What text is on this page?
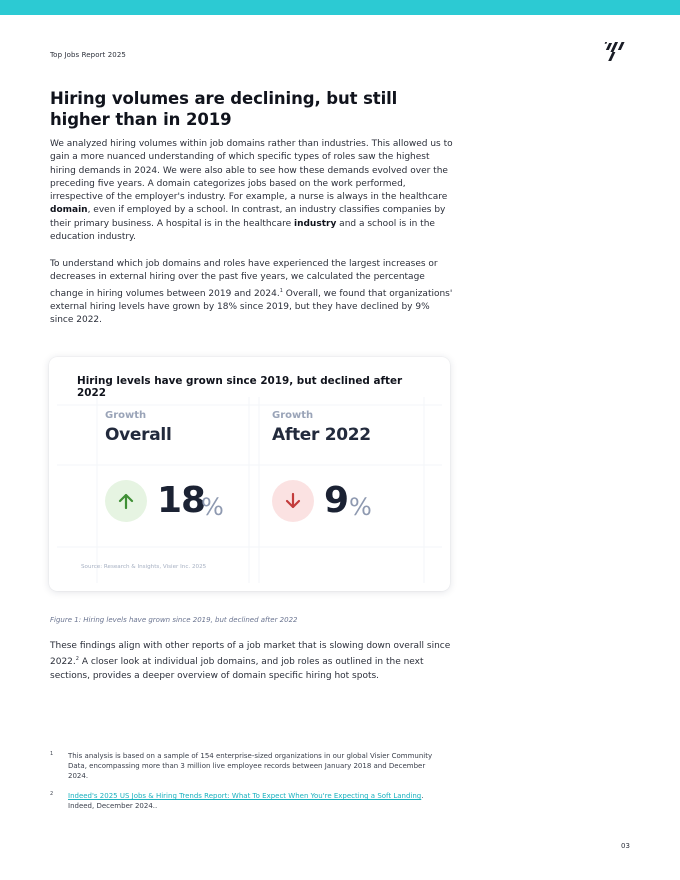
Top Jobs Report 2025
Hiring volumes are declining, but still higher than in 2019

We analyzed hiring volumes within job domains rather than industries. This allowed us to gain a more nuanced understanding of which specific types of roles saw the highest hiring demands in 2024. We were also able to see how these demands evolved over the preceding five years. A domain categorizes jobs based on the work performed, irrespective of the employer's industry. For example, a nurse is always in the healthcare domain, even if employed by a school. In contrast, an industry classifies companies by their primary business. A hospital is in the healthcare industry and a school is in the education industry.

To understand which job domains and roles have experienced the largest increases or decreases in external hiring over the past five years, we calculated the percentage change in hiring volumes between 2019 and 2024.$^1$ Overall, we found that organizations' external hiring levels have grown by 18% since 2019, but they have declined by 9% since 2022.

Hiring levels have grown since 2019, but declined after 2022
Growth
Overall
18
%
Growth
After 2022
9 %
Source: Research & Insights, Visier Inc. 2025
Figure 1: Hiring levels have grown since 2019, but declined after 2022

These findings align with other reports of a job market that is slowing down overall since 2022.$^2$ A closer look at individual job domains, and job roles as outlined in the next sections, provides a deeper overview of domain specific hiring hot spots.

1 This analysis is based on a sample of 154 enterprise-sized organizations in our global Visier Community Data, encompassing more than 3 million live employee records between January 2018 and December 2024.
2 Indeed's 2025 US Jobs & Hiring Trends Report: What To Expect When You're Expecting a Soft Landing. Indeed, December 2024..
03
